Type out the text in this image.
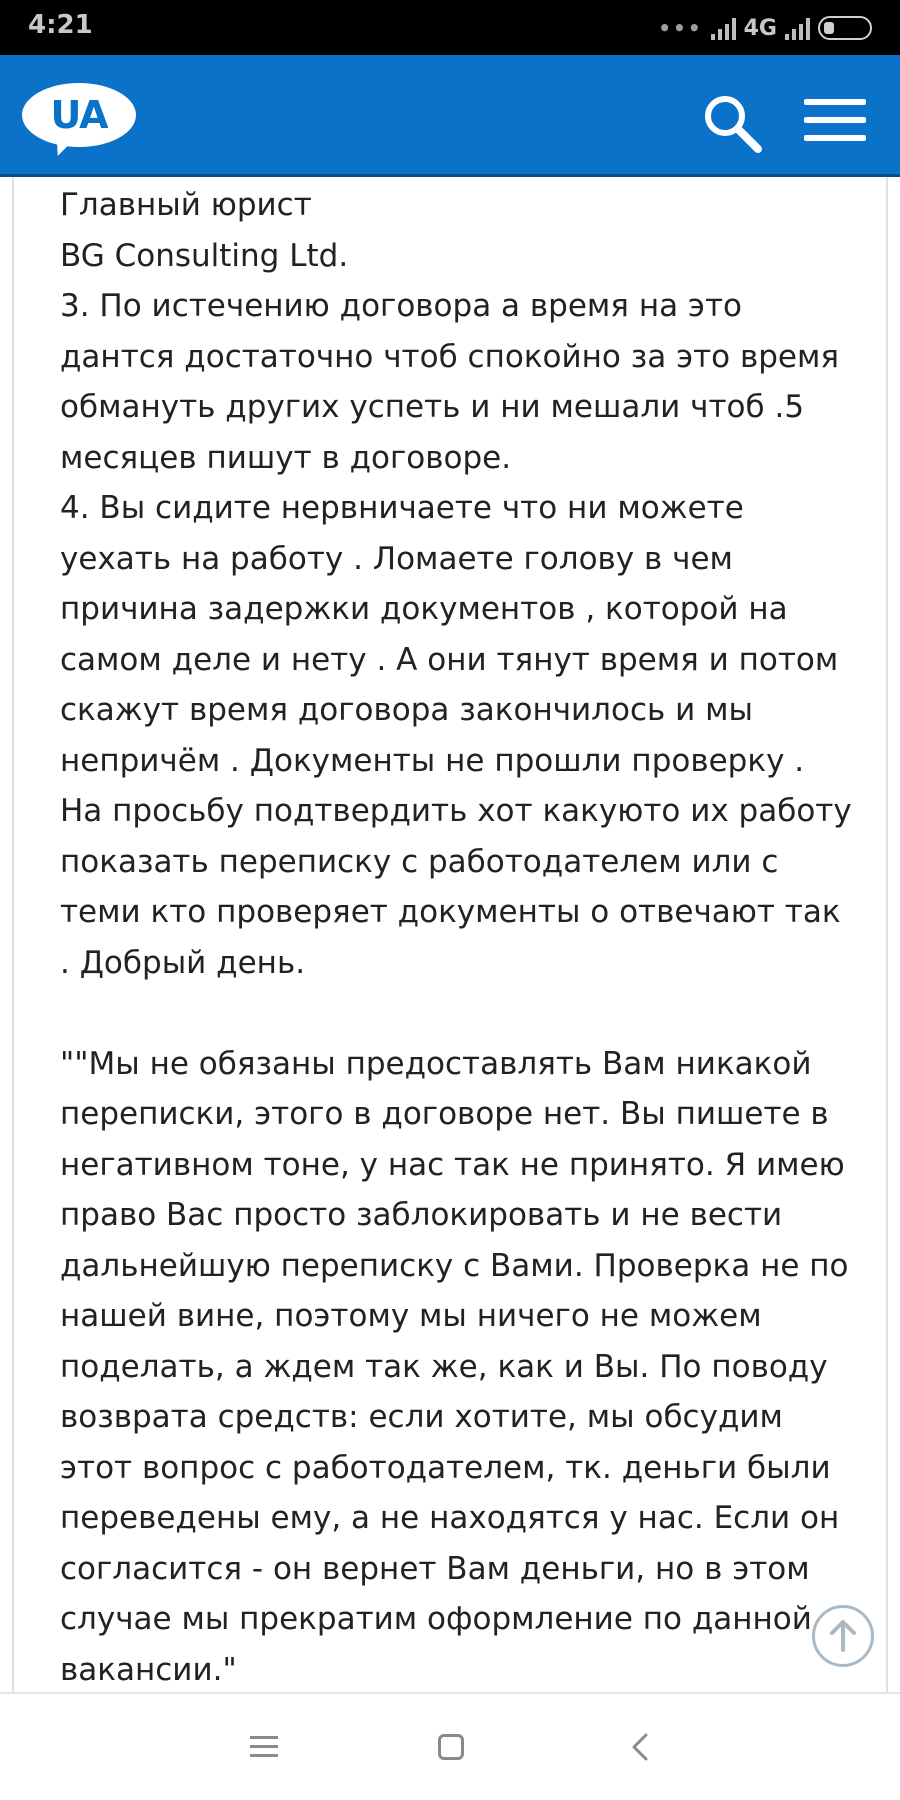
4:21	••• 4G
UA

Главный юрист

BG Consulting Ltd.

3. По истечению договора а время на это дантся достаточно чтоб спокойно за это время обмануть других успеть и ни мешали чтоб .5 месяцев пишут в договоре.

4. Вы сидите нервничаете что ни можете уехать на работу . Ломаете голову в чем причина задержки документов , которой на самом деле и нету . А они тянут время и потом скажут время договора закончилось и мы непричём . Документы не прошли проверку .

На просьбу подтвердить хот какуюто их работу показать переписку с работодателем или с теми кто проверяет документы о отвечают так . Добрый день.

""Мы не обязаны предоставлять Вам никакой переписки, этого в договоре нет. Вы пишете в негативном тоне, у нас так не принято. Я имею право Вас просто заблокировать и не вести дальнейшую переписку с Вами. Проверка не по нашей вине, поэтому мы ничего не можем поделать, а ждем так же, как и Вы. По поводу возврата средств: если хотите, мы обсудим этот вопрос с работодателем, тк. деньги были переведены ему, а не находятся у нас. Если он согласится - он вернет Вам деньги, но в этом случае мы прекратим оформление по данной вакансии."
